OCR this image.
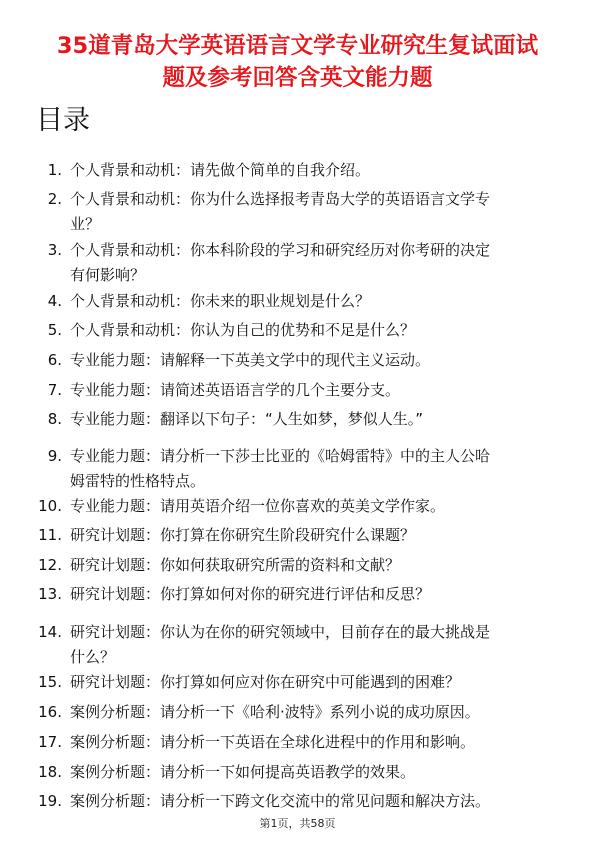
35道青岛大学英语语言文学专业研究生复试面试
题及参考回答含英文能力题
目录
1. 个人背景和动机：请先做个简单的自我介绍。
2. 个人背景和动机：你为什么选择报考青岛大学的英语语言文学专
业？
3. 个人背景和动机：你本科阶段的学习和研究经历对你考研的决定
有何影响？
4. 个人背景和动机：你未来的职业规划是什么？
5. 个人背景和动机：你认为自己的优势和不足是什么？
6. 专业能力题：请解释一下英美文学中的现代主义运动。
7. 专业能力题：请简述英语语言学的几个主要分支。
8. 专业能力题：翻译以下句子：“人生如梦，梦似人生。”
9. 专业能力题：请分析一下莎士比亚的《哈姆雷特》中的主人公哈
姆雷特的性格特点。
10. 专业能力题：请用英语介绍一位你喜欢的英美文学作家。
11. 研究计划题：你打算在你研究生阶段研究什么课题？
12. 研究计划题：你如何获取研究所需的资料和文献？
13. 研究计划题：你打算如何对你的研究进行评估和反思？
14. 研究计划题：你认为在你的研究领域中，目前存在的最大挑战是
什么？
15. 研究计划题：你打算如何应对你在研究中可能遇到的困难？
16. 案例分析题：请分析一下《哈利·波特》系列小说的成功原因。
17. 案例分析题：请分析一下英语在全球化进程中的作用和影响。
18. 案例分析题：请分析一下如何提高英语教学的效果。
19. 案例分析题：请分析一下跨文化交流中的常见问题和解决方法。
第1页，共58页
